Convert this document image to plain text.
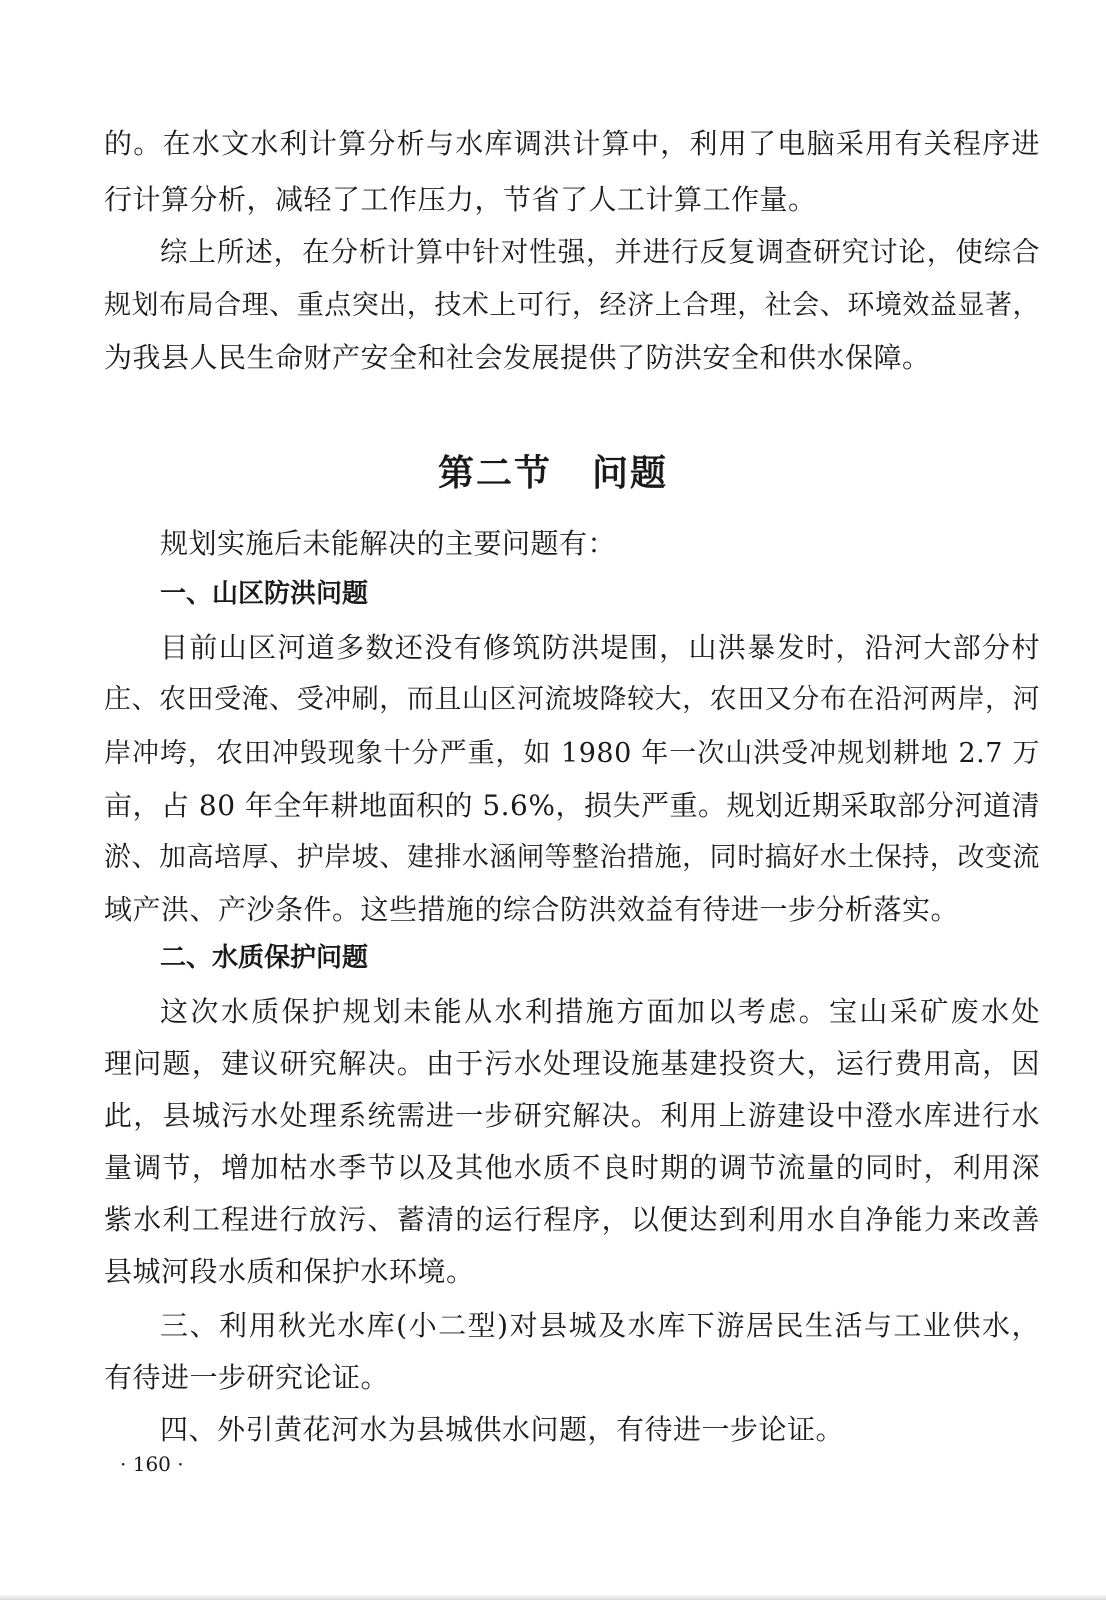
的。在水文水利计算分析与水库调洪计算中，利用了电脑采用有关程序进
行计算分析，减轻了工作压力，节省了人工计算工作量。
综上所述，在分析计算中针对性强，并进行反复调查研究讨论，使综合
规划布局合理、重点突出，技术上可行，经济上合理，社会、环境效益显著，
为我县人民生命财产安全和社会发展提供了防洪安全和供水保障。
第二节 问题
规划实施后未能解决的主要问题有：
一、山区防洪问题
目前山区河道多数还没有修筑防洪堤围，山洪暴发时，沿河大部分村
庄、农田受淹、受冲刷，而且山区河流坡降较大，农田又分布在沿河两岸，河
岸冲垮，农田冲毁现象十分严重，如 1980 年一次山洪受冲规划耕地 2.7 万
亩，占 80 年全年耕地面积的 5.6%，损失严重。规划近期采取部分河道清
淤、加高培厚、护岸坡、建排水涵闸等整治措施，同时搞好水土保持，改变流
域产洪、产沙条件。这些措施的综合防洪效益有待进一步分析落实。
二、水质保护问题
这次水质保护规划未能从水利措施方面加以考虑。宝山采矿废水处
理问题，建议研究解决。由于污水处理设施基建投资大，运行费用高，因
此，县城污水处理系统需进一步研究解决。利用上游建设中澄水库进行水
量调节，增加枯水季节以及其他水质不良时期的调节流量的同时，利用深
紫水利工程进行放污、蓄清的运行程序，以便达到利用水自净能力来改善
县城河段水质和保护水环境。
三、利用秋光水库(小二型)对县城及水库下游居民生活与工业供水，
有待进一步研究论证。
四、外引黄花河水为县城供水问题，有待进一步论证。
· 160 ·
